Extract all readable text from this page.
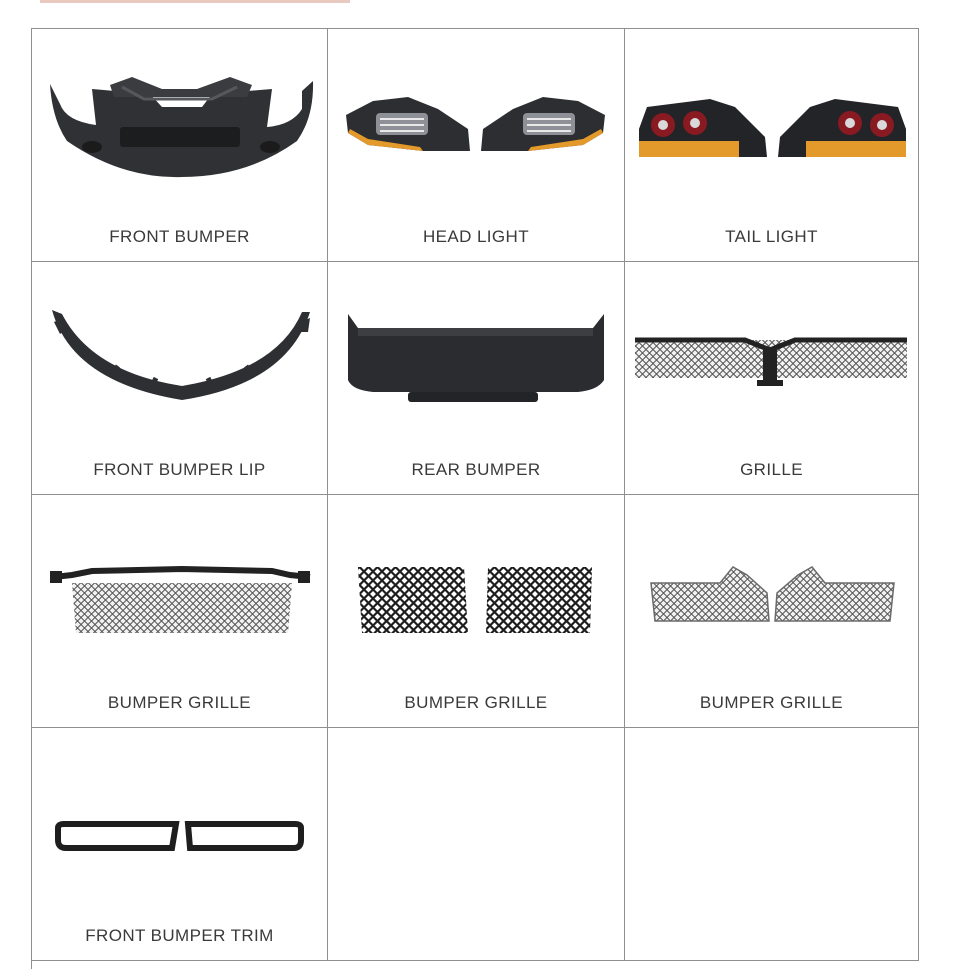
FRONT BUMPER	HEAD LIGHT	TAIL LIGHT
FRONT BUMPER LIP	REAR BUMPER	GRILLE
BUMPER GRILLE	BUMPER GRILLE	BUMPER GRILLE
FRONT BUMPER TRIM
